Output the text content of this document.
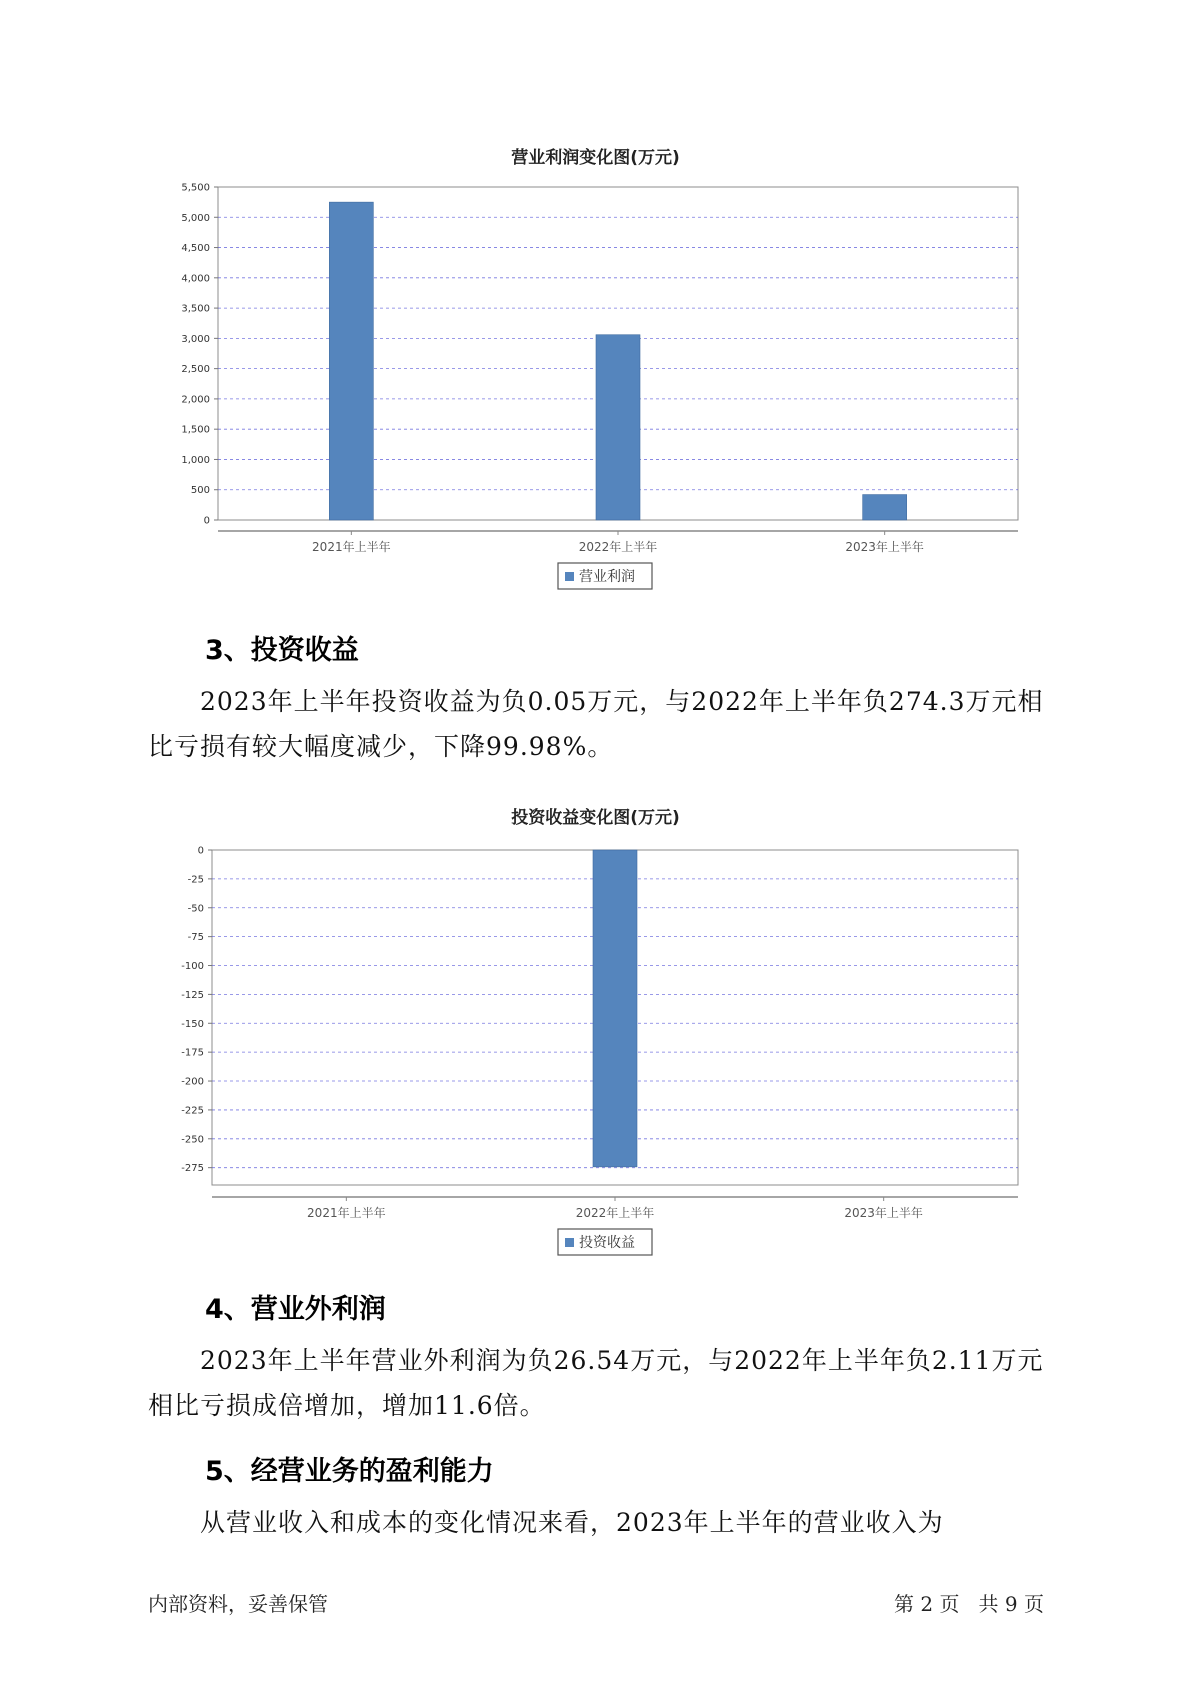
营业利润变化图(万元)
0
500
1,000
1,500
2,000
2,500
3,000
3,500
4,000
4,500
5,000
5,500
2021年上半年	2022年上半年	2023年上半年
营业利润
3、投资收益
2023年上半年投资收益为负0.05万元，与2022年上半年负274.3万元相
比亏损有较大幅度减少，下降99.98%。
投资收益变化图(万元)
0
-25
-50
-75
-100
-125
-150
-175
-200
-225
-250
-275
2021年上半年	2022年上半年	2023年上半年
投资收益
4、营业外利润
2023年上半年营业外利润为负26.54万元，与2022年上半年负2.11万元
相比亏损成倍增加，增加11.6倍。
5、经营业务的盈利能力
从营业收入和成本的变化情况来看，2023年上半年的营业收入为
内部资料，妥善保管	第 2 页   共 9 页
